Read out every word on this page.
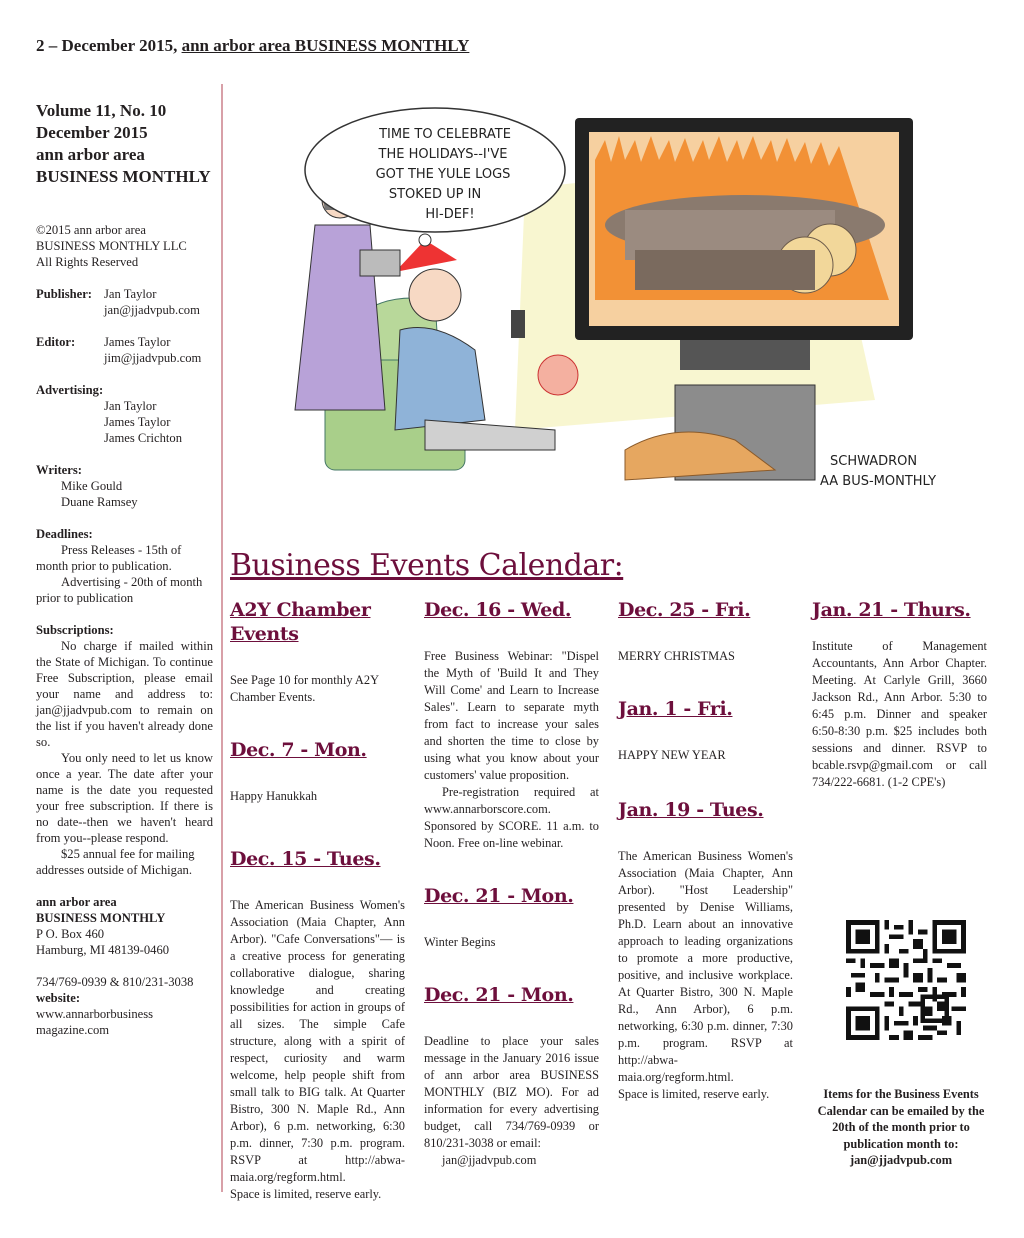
2 – December 2015, ann arbor area BUSINESS MONTHLY
Volume 11, No. 10
December 2015
ann arbor area
BUSINESS MONTHLY
©2015 ann arbor area
BUSINESS MONTHLY LLC
All Rights Reserved
Publisher: Jan Taylor
jan@jjadvpub.com
Editor:	James Taylor
jim@jjadvpub.com
Advertising:
Jan Taylor
James Taylor
James Crichton
Writers:
Mike Gould
Duane Ramsey
Deadlines:
Press Releases - 15th of month prior to publication.
Advertising - 20th of month prior to publication
Subscriptions:
No charge if mailed within the State of Michigan. To continue Free Subscription, please email your name and address to: jan@jjadvpub.com to remain on the list if you haven't already done so.
You only need to let us know once a year. The date after your name is the date you requested your free subscription. If there is no date--then we haven't heard from you--please respond.
$25 annual fee for mailing addresses outside of Michigan.
ann arbor area
BUSINESS MONTHLY
P O. Box 460
Hamburg, MI 48139-0460
734/769-0939 & 810/231-3038
website:
www.annarborbusiness magazine.com
TIME TO CELEBRATE
THE HOLIDAYS--I'VE
GOT THE YULE LOGS
STOKED UP IN
HI-DEF!
SCHWADRON
AA BUS-MONTHLY
Business Events Calendar:
A2Y Chamber Events

See Page 10 for monthly A2Y Chamber Events.

Dec. 7 - Mon.

Happy Hanukkah

Dec. 15 - Tues.

The American Business Women's Association (Maia Chapter, Ann Arbor). "Cafe Conversations"— is a creative process for generating collaborative dialogue, sharing knowledge and creating possibilities for action in groups of all sizes. The simple Cafe structure, along with a spirit of respect, curiosity and warm welcome, help people shift from small talk to BIG talk. At Quarter Bistro, 300 N. Maple Rd., Ann Arbor), 6 p.m. networking, 6:30 p.m. dinner, 7:30 p.m. program. RSVP at http://abwa-maia.org/regform.html.

Space is limited, reserve early.

Dec. 16 - Wed.

Free Business Webinar: "Dispel the Myth of 'Build It and They Will Come' and Learn to Increase Sales". Learn to separate myth from fact to increase your sales and shorten the time to close by using what you know about your customers' value proposition.

Pre-registration required at www.annarborscore.com. Sponsored by SCORE. 11 a.m. to Noon. Free on-line webinar.

Dec. 21 - Mon.

Winter Begins

Dec. 21 - Mon.

Deadline to place your sales message in the January 2016 issue of ann arbor area BUSINESS MONTHLY (BIZ MO). For ad information for every advertising budget, call 734/769-0939 or 810/231-3038 or email:

jan@jjadvpub.com

Dec. 25 - Fri.

MERRY CHRISTMAS

Jan. 1 - Fri.

HAPPY NEW YEAR

Jan. 19 - Tues.

The American Business Women's Association (Maia Chapter, Ann Arbor). "Host Leadership" presented by Denise Williams, Ph.D. Learn about an innovative approach to leading organizations to promote a more productive, positive, and inclusive workplace. At Quarter Bistro, 300 N. Maple Rd., Ann Arbor), 6 p.m. networking, 6:30 p.m. dinner, 7:30 p.m. program. RSVP at http://abwa-maia.org/regform.html.

Space is limited, reserve early.

Jan. 21 - Thurs.

Institute of Management Accountants, Ann Arbor Chapter. Meeting. At Carlyle Grill, 3660 Jackson Rd., Ann Arbor. 5:30 to 6:45 p.m. Dinner and speaker 6:50-8:30 p.m. $25 includes both sessions and dinner. RSVP to bcable.rsvp@gmail.com or call 734/222-6681. (1-2 CPE's)

Items for the Business Events Calendar can be emailed by the 20th of the month prior to publication month to: jan@jjadvpub.com
